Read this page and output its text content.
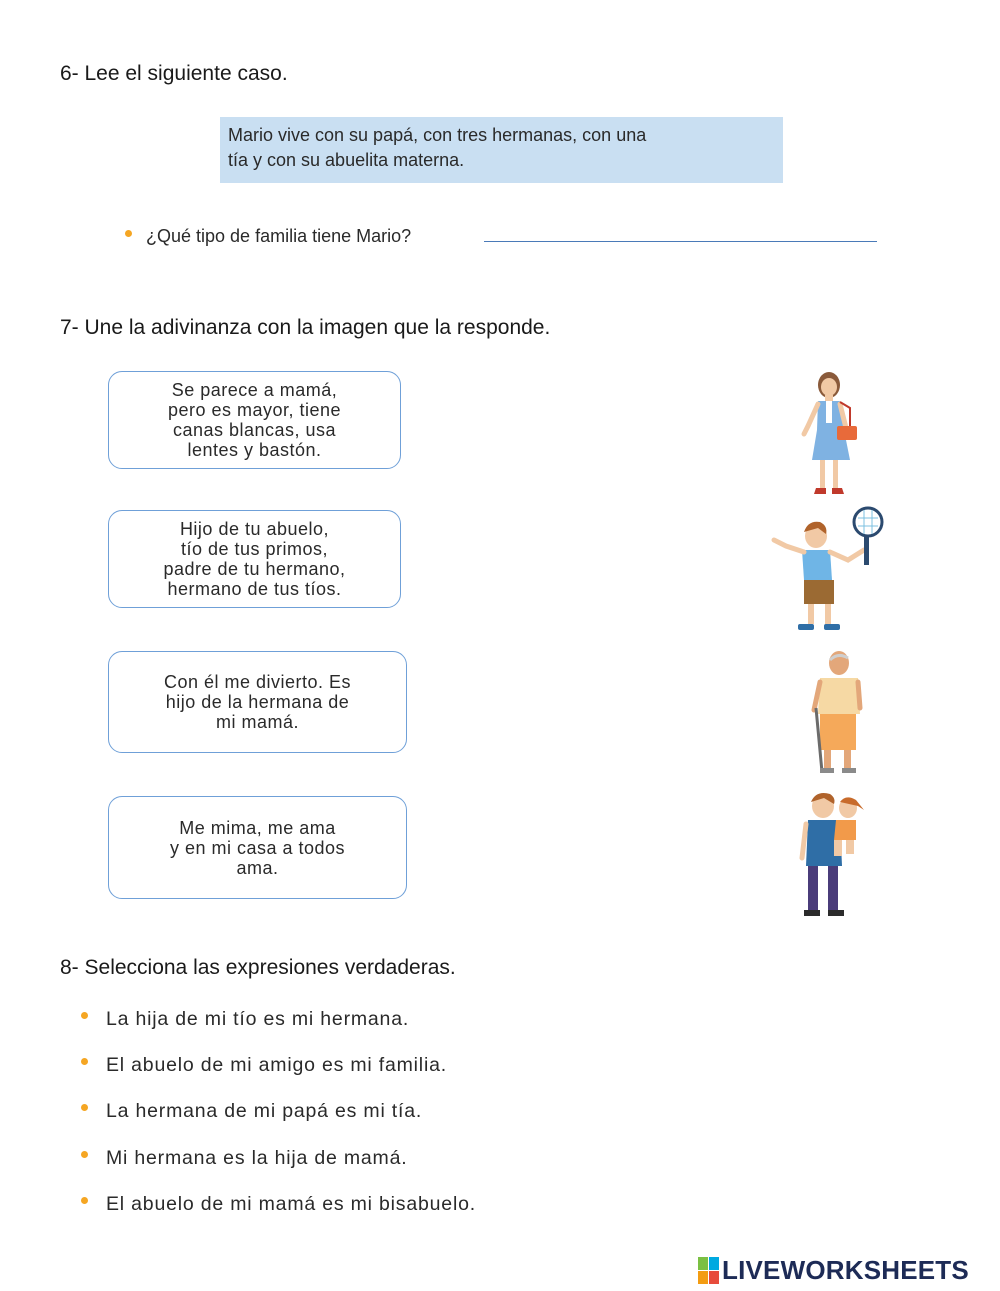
6- Lee el siguiente caso.
Mario vive con su papá, con tres hermanas, con una
tía y con su abuelita materna.
¿Qué tipo de familia tiene Mario?
7- Une la adivinanza con la imagen que la responde.
Se parece a mamá,
pero es mayor, tiene
canas blancas, usa
lentes y bastón.
Hijo de tu abuelo,
tío de tus primos,
padre de tu hermano,
hermano de tus tíos.
Con él me divierto. Es
hijo de la hermana de
mi mamá.
Me mima, me ama
y en mi casa a todos
ama.
8- Selecciona las expresiones verdaderas.
La hija de mi tío es mi hermana.
El abuelo de mi amigo es mi familia.
La hermana de mi papá es mi tía.
Mi hermana es la hija de mamá.
El abuelo de mi mamá es mi bisabuelo.
LIVEWORKSHEETS
